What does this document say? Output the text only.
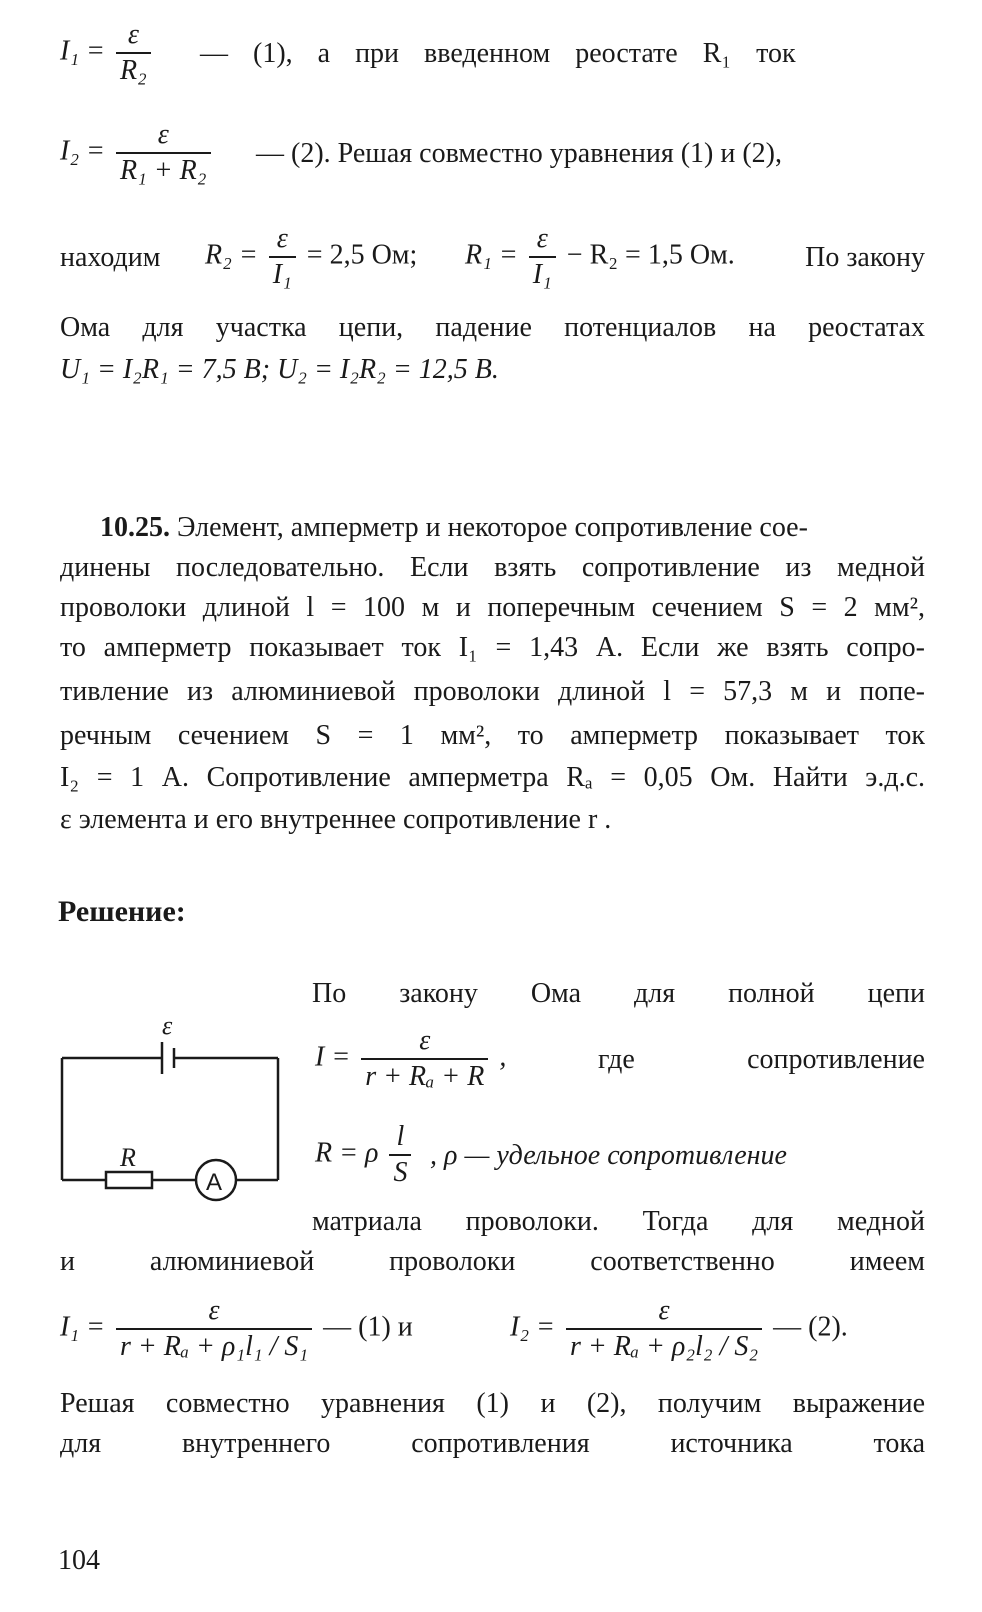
$I_1 = \frac{\varepsilon}{\text{R₂}}$ — (1), а при введенном реостате R₁ ток
$I_2 = \frac{\varepsilon}{\text{R₁ + R₂}}$ — (2). Решая совместно уравнения (1) и (2),
находим	$R_2 = \frac{\varepsilon}{\text{I₁}} = 2,5$ Ом; $R_1 = \frac{\varepsilon}{\text{I₁}} - R_2 = 1,5$ Ом.	По закону
Ома для участка цепи, падение потенциалов на реостатах
U₁ = I₂R₁ = 7,5 В; U₂ = I₂R₂ = 12,5 В.
10.25. Элемент, амперметр и некоторое сопротивление сое-
динены последовательно. Если взять сопротивление из медной
проволоки длиной l = 100 м и поперечным сечением S = 2 мм²,
то амперметр показывает ток I₁ = 1,43 А. Если же взять сопро-
тивление из алюминиевой проволоки длиной l = 57,3 м и попе-
речным сечением S = 1 мм², то амперметр показывает ток
I₂ = 1 А. Сопротивление амперметра Rₐ = 0,05 Ом. Найти э.д.с.
ε элемента и его внутреннее сопротивление r .
Решение:
По закону Ома для полной цепи
$I = \frac{\varepsilon}{\text{r + Rₐ + R}}$ ,	где сопротивление
R = ρ $\frac{l}{S}$ , ρ — удельное сопротивление
матриала проволоки. Тогда для медной
и алюминиевой проволоки соответственно имеем
$I_1 = \frac{\varepsilon}{\text{r + Rₐ + ρ₁l₁ / S₁}}$ — (1) и	$I_2 = \frac{\varepsilon}{\text{r + Rₐ + ρ₂l₂ / S₂}}$ — (2).
Решая совместно уравнения (1) и (2), получим выражение
для внутреннего сопротивления источника тока
104
ε
R
A
